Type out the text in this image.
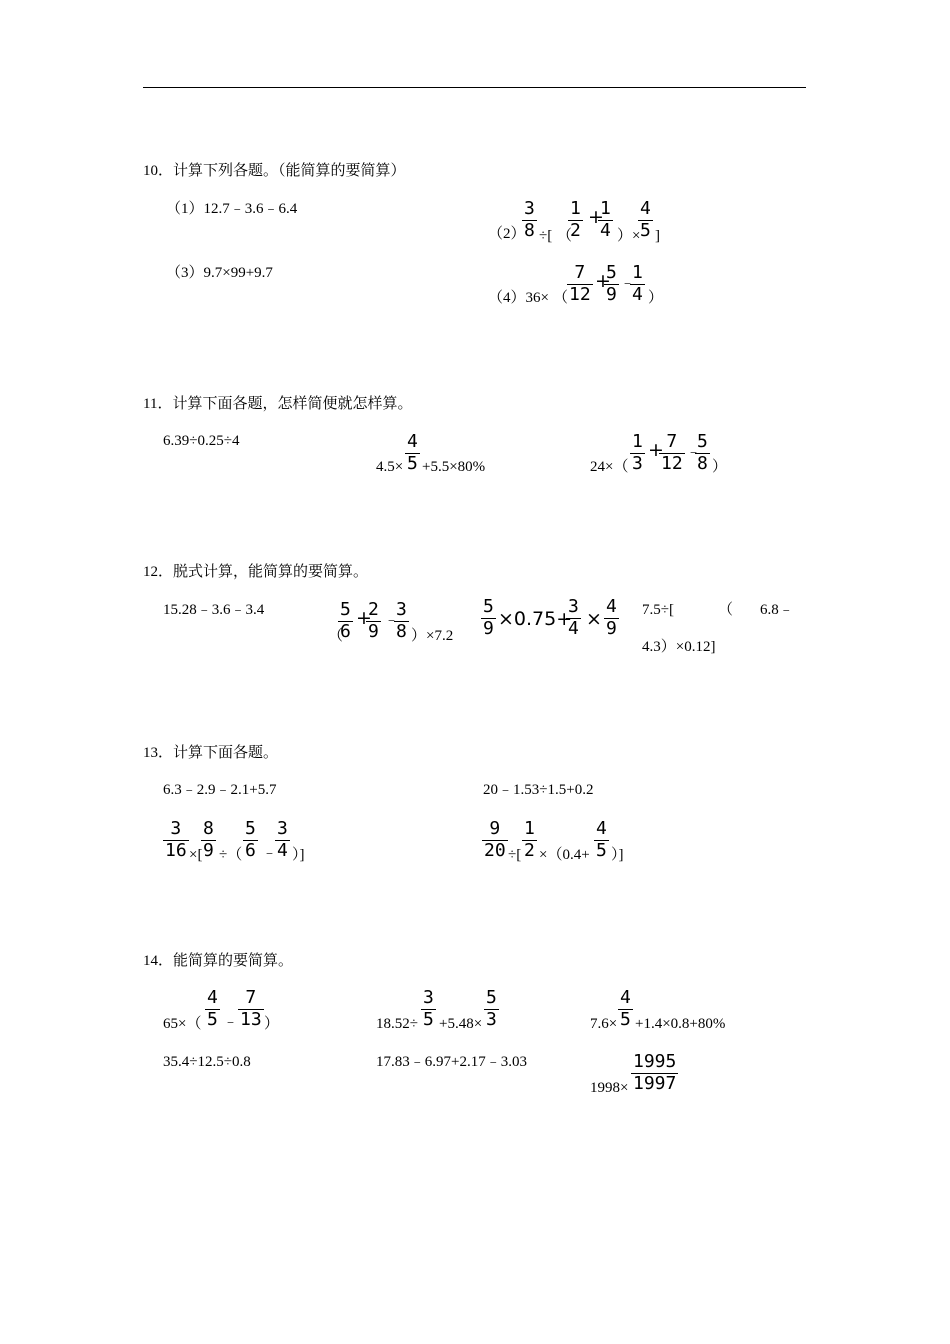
10．计算下列各题。（能简算的要简算）
（1）12.7﹣3.6﹣6.4
（2）
3
8 ÷[ （
1
2
+
1
4 ）×
4
5 ]
（3）9.7×99+9.7
（4）36× （
7
12
+
5
9
﹣
1
4 ）
11．计算下面各题，怎样简便就怎样算。
6.39÷0.25÷4
4.5×
4
5 +5.5×80%	24×（
1
3
+ 7
12
﹣
5
8 ）
12．脱式计算，能简算的要简算。
15.28﹣3.6﹣3.4
（
5
6
+
2
9
﹣
3
8 ）×7.2
5
9 ×0.75+
3
4 ×
4
9
7.5÷[	（ 6.8﹣
4.3）×0.12]
13．计算下面各题。
6.3﹣2.9﹣2.1+5.7	20﹣1.53÷1.5+0.2
3
16 ×[
8
9 ÷（
5
6 ﹣
3
4 ）]
9
20 ÷[
1
2 ×（0.4+
4
5 ）]
14．能简算的要简算。
65×（
4
5 ﹣
7
13 ）	18.52÷
3
5 +5.48×
5
3	7.6×
4
5 +1.4×0.8+80%
35.4÷12.5÷0.8	17.83﹣6.97+2.17﹣3.03
1998×
1995
1997
